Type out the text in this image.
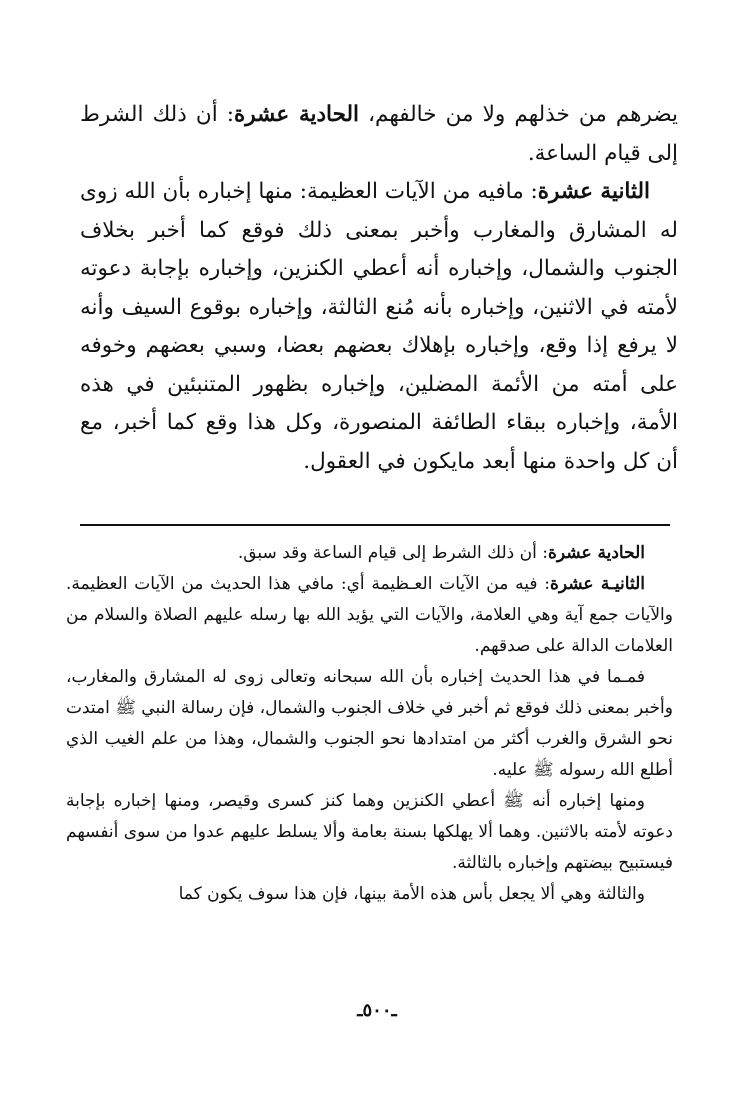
يضرهم من خذلهم ولا من خالفهم، الحادية عشرة: أن ذلك الشرط إلى قيام الساعة.

الثانية عشرة: مافيه من الآيات العظيمة: منها إخباره بأن الله زوى له المشارق والمغارب وأخبر بمعنى ذلك فوقع كما أخبر بخلاف الجنوب والشمال، وإخباره أنه أعطي الكنزين، وإخباره بإجابة دعوته لأمته في الاثنين، وإخباره بأنه مُنع الثالثة، وإخباره بوقوع السيف وأنه لا يرفع إذا وقع، وإخباره بإهلاك بعضهم بعضا، وسبي بعضهم وخوفه على أمته من الأئمة المضلين، وإخباره بظهور المتنبئين في هذه الأمة، وإخباره ببقاء الطائفة المنصورة، وكل هذا وقع كما أخبر، مع أن كل واحدة منها أبعد مايكون في العقول.

الحادية عشرة: أن ذلك الشرط إلى قيام الساعة وقد سبق.

الثانيـة عشرة: فيه من الآيات العـظيمة أي: مافي هذا الحديث من الآيات العظيمة. والآيات جمع آية وهي العلامة، والآيات التي يؤيد الله بها رسله عليهم الصلاة والسلام من العلامات الدالة على صدقهم.

فمـما في هذا الحديث إخباره بأن الله سبحانه وتعالى زوى له المشارق والمغارب، وأخبر بمعنى ذلك فوقع ثم أخبر في خلاف الجنوب والشمال، فإن رسالة النبي ﷺ امتدت نحو الشرق والغرب أكثر من امتدادها نحو الجنوب والشمال، وهذا من علم الغيب الذي أطلع الله رسوله ﷺ عليه.

ومنها إخباره أنه ﷺ أعطي الكنزين وهما كنز كسرى وقيصر، ومنها إخباره بإجابة دعوته لأمته بالاثنين. وهما ألا يهلكها بسنة بعامة وألا يسلط عليهم عدوا من سوى أنفسهم فيستبيح بيضتهم وإخباره بالثالثة.

والثالثة وهي ألا يجعل بأس هذه الأمة بينها، فإن هذا سوف يكون كما

ـ٥٠٠ـ
